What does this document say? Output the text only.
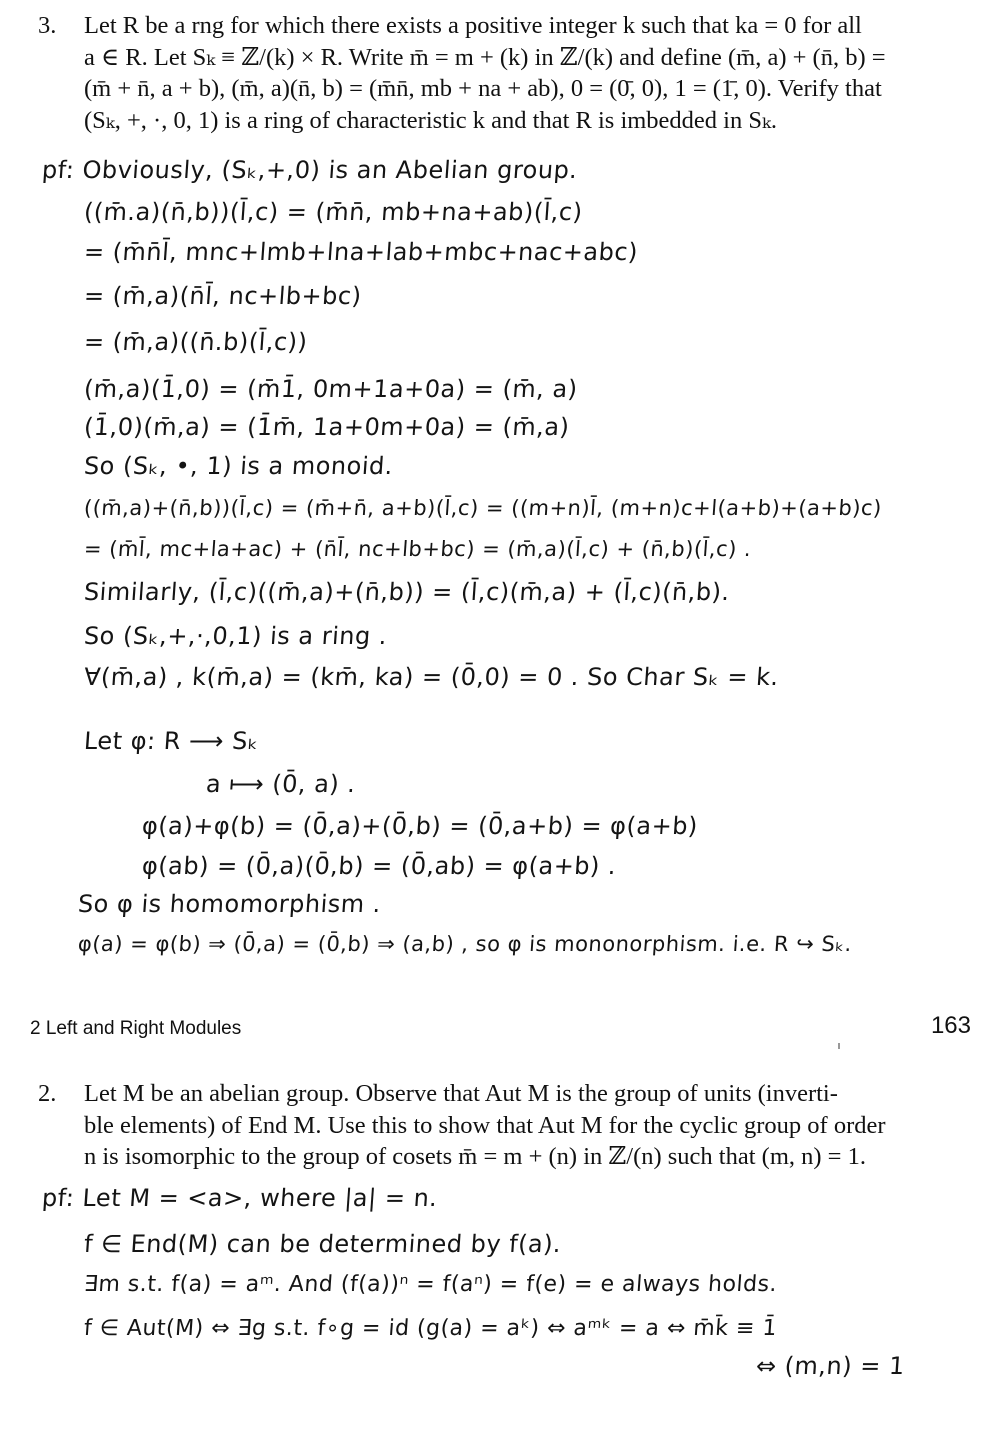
3. Let R be a rng for which there exists a positive integer k such that ka = 0 for all
a ∈ R. Let Sₖ ≡ ℤ/(k) × R. Write m̄ = m + (k) in ℤ/(k) and define (m̄, a) + (n̄, b) =
(m̄ + n̄, a + b), (m̄, a)(n̄, b) = (m̄n̄, mb + na + ab), 0 = (0̄, 0), 1 = (1̄, 0). Verify that
(Sₖ, +, ·, 0, 1) is a ring of characteristic k and that R is imbedded in Sₖ.
pf: Obviously, (Sₖ,+,0) is an Abelian group.
((m̄.a)(n̄,b))(l̄,c) = (m̄n̄, mb+na+ab)(l̄,c)
= (m̄n̄l̄, mnc+lmb+lna+lab+mbc+nac+abc)
= (m̄,a)(n̄l̄, nc+lb+bc)
= (m̄,a)((n̄.b)(l̄,c))
(m̄,a)(1̄,0) = (m̄1̄, 0m+1a+0a) = (m̄, a)
(1̄,0)(m̄,a) = (1̄m̄, 1a+0m+0a) = (m̄,a)
So (Sₖ, •, 1) is a monoid.
((m̄,a)+(n̄,b))(l̄,c) = (m̄+n̄, a+b)(l̄,c) = ((m+n)l̄, (m+n)c+l(a+b)+(a+b)c)
= (m̄l̄, mc+la+ac) + (n̄l̄, nc+lb+bc) = (m̄,a)(l̄,c) + (n̄,b)(l̄,c) .
Similarly, (l̄,c)((m̄,a)+(n̄,b)) = (l̄,c)(m̄,a) + (l̄,c)(n̄,b).
So (Sₖ,+,·,0,1) is a ring .
∀(m̄,a) , k(m̄,a) = (km̄, ka) = (0̄,0) = 0 . So Char Sₖ = k.
Let φ: R ⟶ Sₖ
a ⟼ (0̄, a) .
φ(a)+φ(b) = (0̄,a)+(0̄,b) = (0̄,a+b) = φ(a+b)
φ(ab) = (0̄,a)(0̄,b) = (0̄,ab) = φ(a+b) .
So φ is homomorphism .
φ(a) = φ(b) ⇒ (0̄,a) = (0̄,b) ⇒ (a,b) , so φ is mononorphism. i.e. R ↪ Sₖ.
2 Left and Right Modules	163
2. Let M be an abelian group. Observe that Aut M is the group of units (inverti-
ble elements) of End M. Use this to show that Aut M for the cyclic group of order
n is isomorphic to the group of cosets m̄ = m + (n) in ℤ/(n) such that (m, n) = 1.
pf: Let M = <a>, where |a| = n.
f ∈ End(M) can be determined by f(a).
∃m s.t. f(a) = aᵐ. And (f(a))ⁿ = f(aⁿ) = f(e) = e always holds.
f ∈ Aut(M) ⇔ ∃g s.t. f∘g = id (g(a) = aᵏ) ⇔ aᵐᵏ = a ⇔ m̄k̄ ≡ 1̄
⇔ (m,n) = 1
